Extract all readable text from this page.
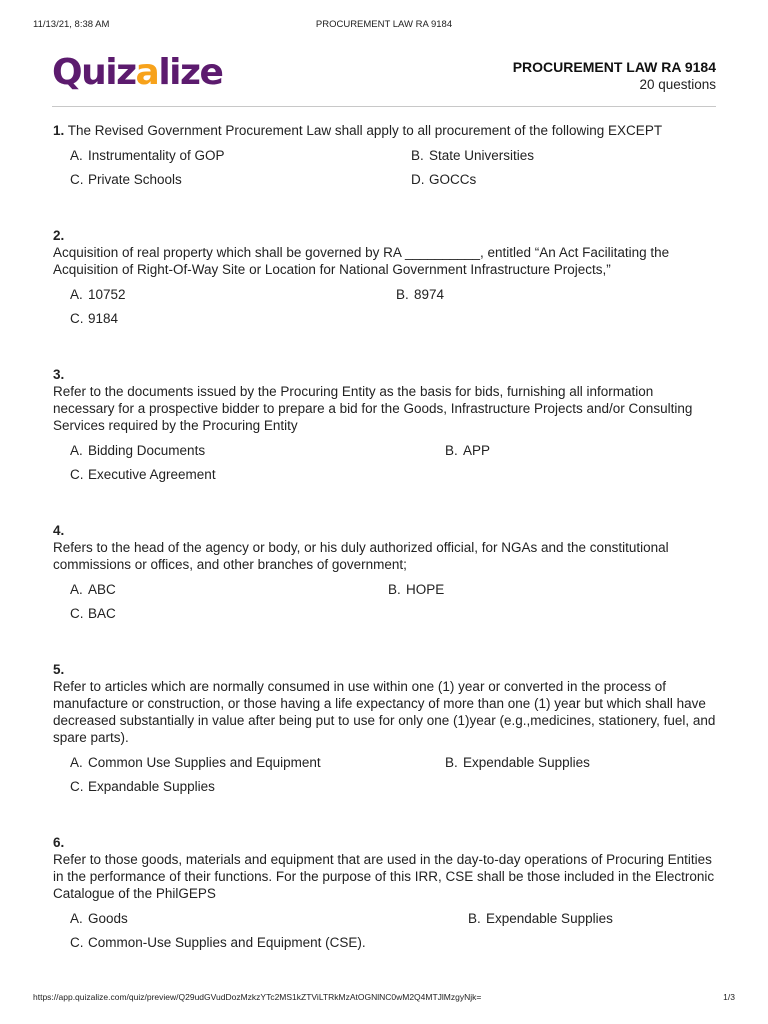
11/13/21, 8:38 AM	PROCUREMENT LAW RA 9184
Quizalize	PROCUREMENT LAW RA 9184
20 questions
1. The Revised Government Procurement Law shall apply to all procurement of the following EXCEPT
A. Instrumentality of GOP	B. State Universities
C. Private Schools	D. GOCCs
2.
Acquisition of real property which shall be governed by RA __________, entitled “An Act Facilitating the Acquisition of Right-Of-Way Site or Location for National Government Infrastructure Projects,”
A. 10752	B. 8974
C. 9184
3.
Refer to the documents issued by the Procuring Entity as the basis for bids, furnishing all information necessary for a prospective bidder to prepare a bid for the Goods, Infrastructure Projects and/or Consulting Services required by the Procuring Entity
A. Bidding Documents	B. APP
C. Executive Agreement
4.
Refers to the head of the agency or body, or his duly authorized official, for NGAs and the constitutional commissions or offices, and other branches of government;
A. ABC	B. HOPE
C. BAC
5.
Refer to articles which are normally consumed in use within one (1) year or converted in the process of manufacture or construction, or those having a life expectancy of more than one (1) year but which shall have decreased substantially in value after being put to use for only one (1)year (e.g.,medicines, stationery, fuel, and spare parts).
A. Common Use Supplies and Equipment	B. Expendable Supplies
C. Expandable Supplies
6.
Refer to those goods, materials and equipment that are used in the day-to-day operations of Procuring Entities in the performance of their functions. For the purpose of this IRR, CSE shall be those included in the Electronic Catalogue of the PhilGEPS
A. Goods	B. Expendable Supplies
C. Common-Use Supplies and Equipment (CSE).
https://app.quizalize.com/quiz/preview/Q29udGVudDozMzkzYTc2MS1kZTViLTRkMzAtOGNlNC0wM2Q4MTJlMzgyNjk=	1/3
